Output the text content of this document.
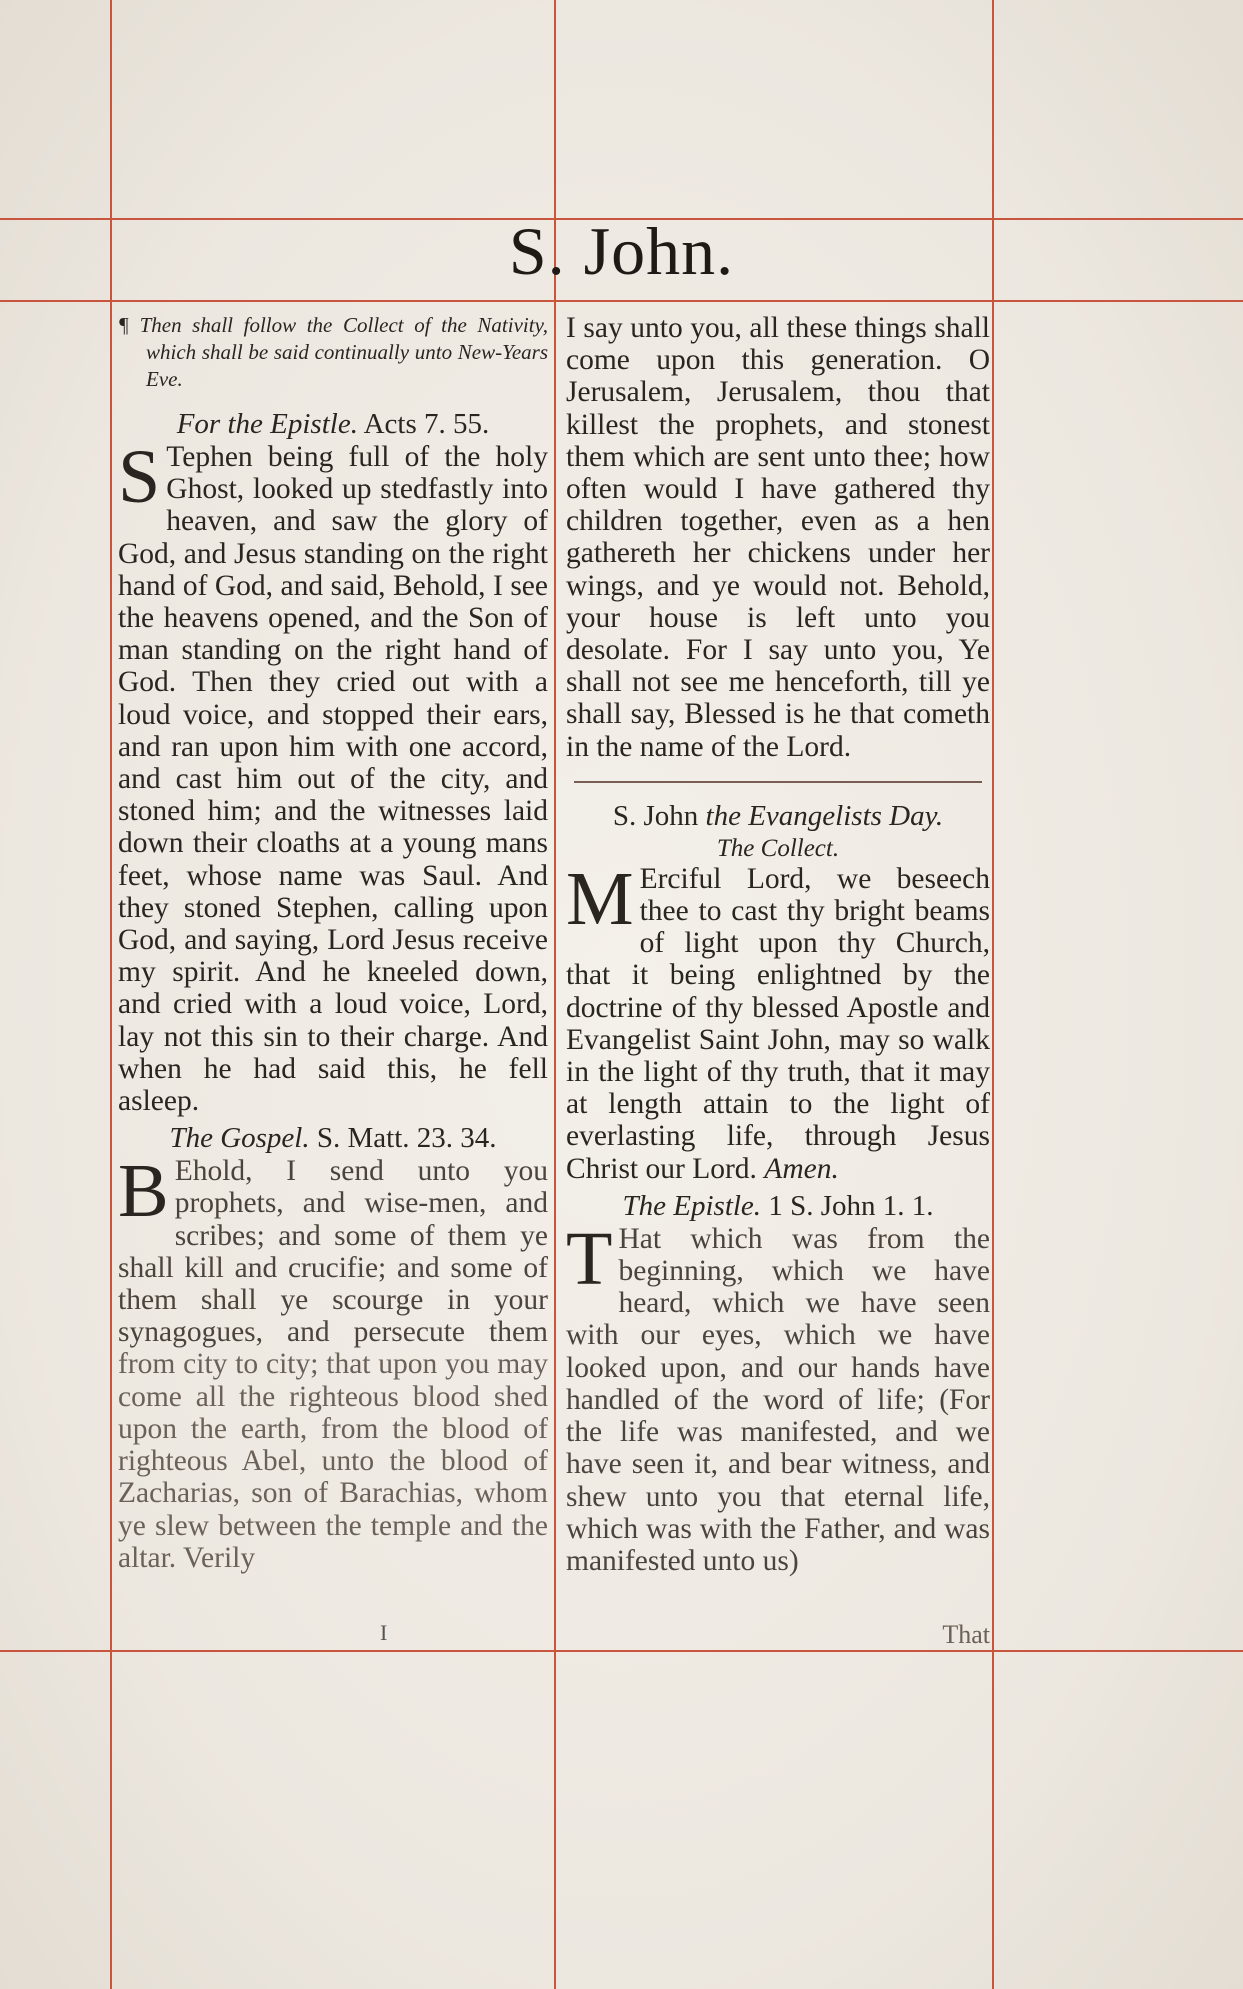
S. John.

¶ Then shall follow the Collect of the Nativity, which shall be said continually unto New-Years Eve.

For the Epistle. Acts 7. 55.

S Tephen being full of the holy Ghost, looked up stedfastly into heaven, and saw the glory of God, and Jesus standing on the right hand of God, and said, Behold, I see the heavens opened, and the Son of man standing on the right hand of God. Then they cried out with a loud voice, and stopped their ears, and ran upon him with one accord, and cast him out of the city, and stoned him; and the witnesses laid down their cloaths at a young mans feet, whose name was Saul. And they stoned Stephen, calling upon God, and saying, Lord Jesus receive my spirit. And he kneeled down, and cried with a loud voice, Lord, lay not this sin to their charge. And when he had said this, he fell asleep.

The Gospel. S. Matt. 23. 34.

B Ehold, I send unto you prophets, and wise-men, and scribes; and some of them ye shall kill and crucifie; and some of them shall ye scourge in your synagogues, and persecute them from city to city; that upon you may come all the righteous blood shed upon the earth, from the blood of righteous Abel, unto the blood of Zacharias, son of Barachias, whom ye slew between the temple and the altar. Verily

I say unto you, all these things shall come upon this generation. O Jerusalem, Jerusalem, thou that killest the prophets, and stonest them which are sent unto thee; how often would I have gathered thy children together, even as a hen gathereth her chickens under her wings, and ye would not. Behold, your house is left unto you desolate. For I say unto you, Ye shall not see me henceforth, till ye shall say, Blessed is he that cometh in the name of the Lord.

S. John the Evangelists Day.

The Collect.

M Erciful Lord, we beseech thee to cast thy bright beams of light upon thy Church, that it being enlightned by the doctrine of thy blessed Apostle and Evangelist Saint John, may so walk in the light of thy truth, that it may at length attain to the light of everlasting life, through Jesus Christ our Lord. Amen.

The Epistle. 1 S. John 1. 1.

T Hat which was from the beginning, which we have heard, which we have seen with our eyes, which we have looked upon, and our hands have handled of the word of life; (For the life was manifested, and we have seen it, and bear witness, and shew unto you that eternal life, which was with the Father, and was manifested unto us)

I	That
